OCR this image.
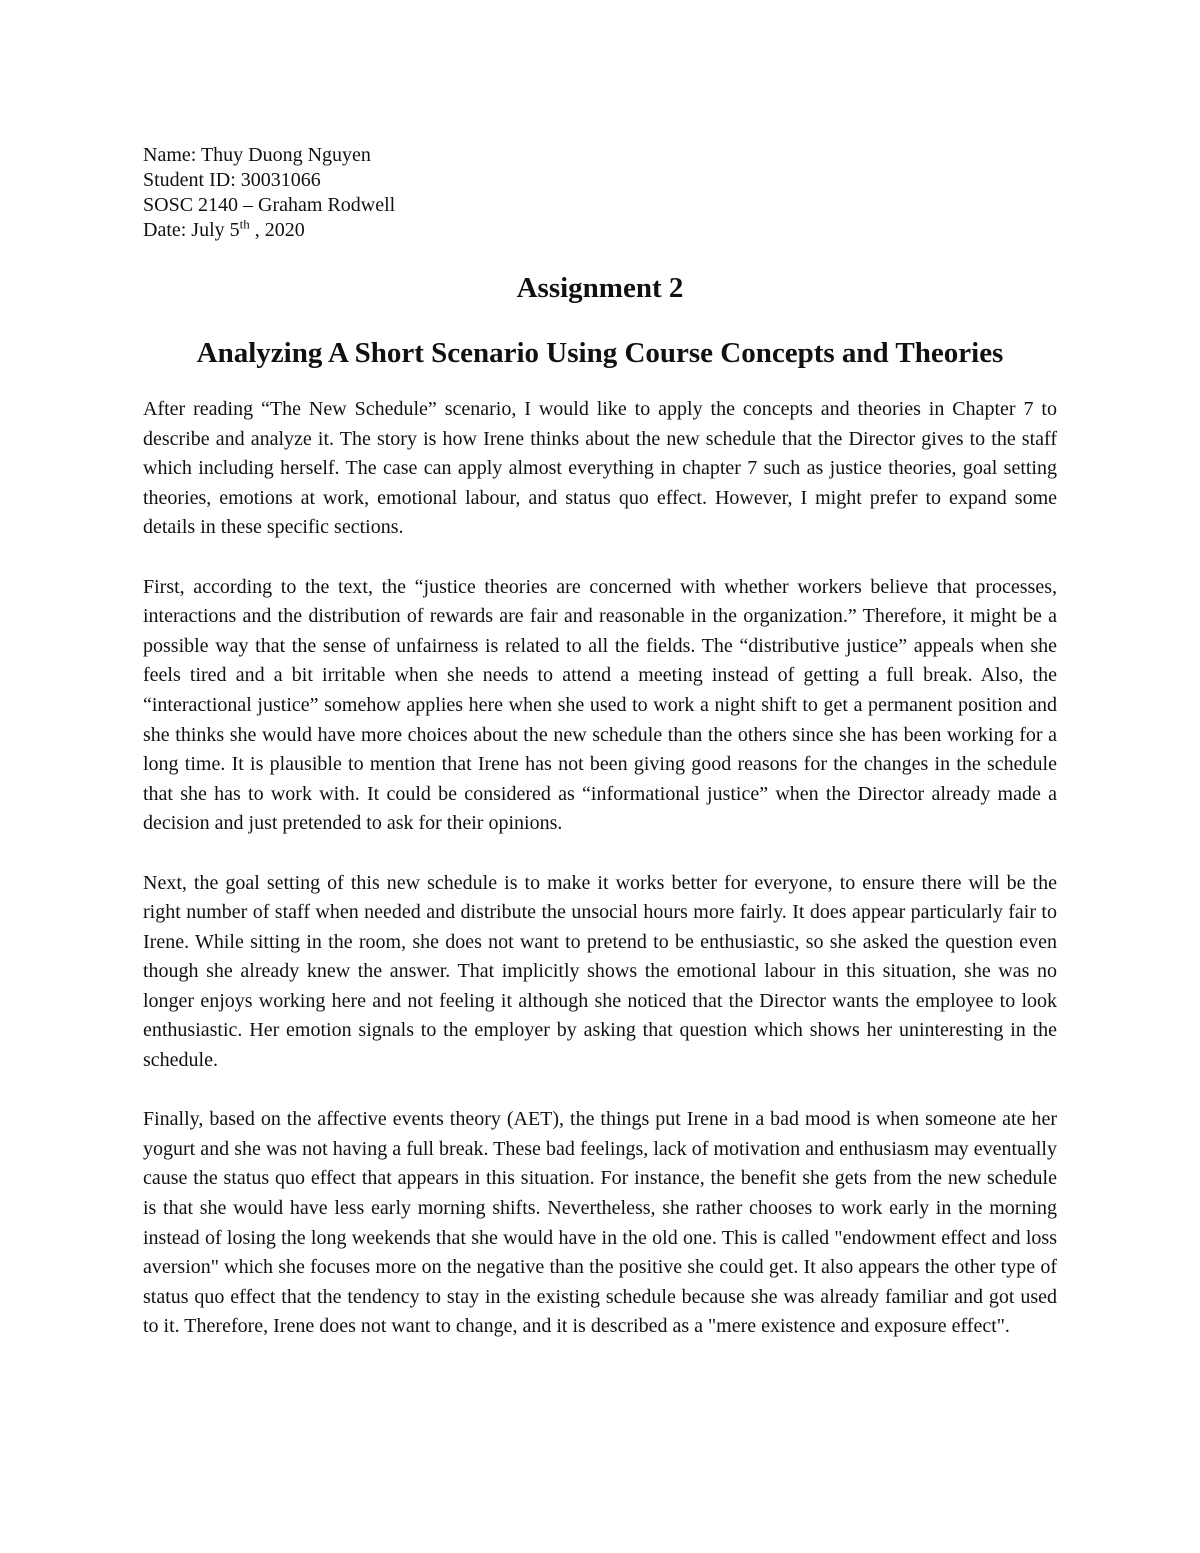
Name: Thuy Duong Nguyen
Student ID: 30031066
SOSC 2140 – Graham Rodwell
Date: July 5th , 2020
Assignment 2
Analyzing A Short Scenario Using Course Concepts and Theories

After reading “The New Schedule” scenario, I would like to apply the concepts and theories in Chapter 7 to describe and analyze it. The story is how Irene thinks about the new schedule that the Director gives to the staff which including herself. The case can apply almost everything in chapter 7 such as justice theories, goal setting theories, emotions at work, emotional labour, and status quo effect. However, I might prefer to expand some details in these specific sections.

First, according to the text, the “justice theories are concerned with whether workers believe that processes, interactions and the distribution of rewards are fair and reasonable in the organization.” Therefore, it might be a possible way that the sense of unfairness is related to all the fields. The “distributive justice” appeals when she feels tired and a bit irritable when she needs to attend a meeting instead of getting a full break. Also, the “interactional justice” somehow applies here when she used to work a night shift to get a permanent position and she thinks she would have more choices about the new schedule than the others since she has been working for a long time. It is plausible to mention that Irene has not been giving good reasons for the changes in the schedule that she has to work with. It could be considered as “informational justice” when the Director already made a decision and just pretended to ask for their opinions.

Next, the goal setting of this new schedule is to make it works better for everyone, to ensure there will be the right number of staff when needed and distribute the unsocial hours more fairly. It does appear particularly fair to Irene. While sitting in the room, she does not want to pretend to be enthusiastic, so she asked the question even though she already knew the answer. That implicitly shows the emotional labour in this situation, she was no longer enjoys working here and not feeling it although she noticed that the Director wants the employee to look enthusiastic. Her emotion signals to the employer by asking that question which shows her uninteresting in the schedule.

Finally, based on the affective events theory (AET), the things put Irene in a bad mood is when someone ate her yogurt and she was not having a full break. These bad feelings, lack of motivation and enthusiasm may eventually cause the status quo effect that appears in this situation. For instance, the benefit she gets from the new schedule is that she would have less early morning shifts. Nevertheless, she rather chooses to work early in the morning instead of losing the long weekends that she would have in the old one. This is called "endowment effect and loss aversion" which she focuses more on the negative than the positive she could get. It also appears the other type of status quo effect that the tendency to stay in the existing schedule because she was already familiar and got used to it. Therefore, Irene does not want to change, and it is described as a "mere existence and exposure effect".
